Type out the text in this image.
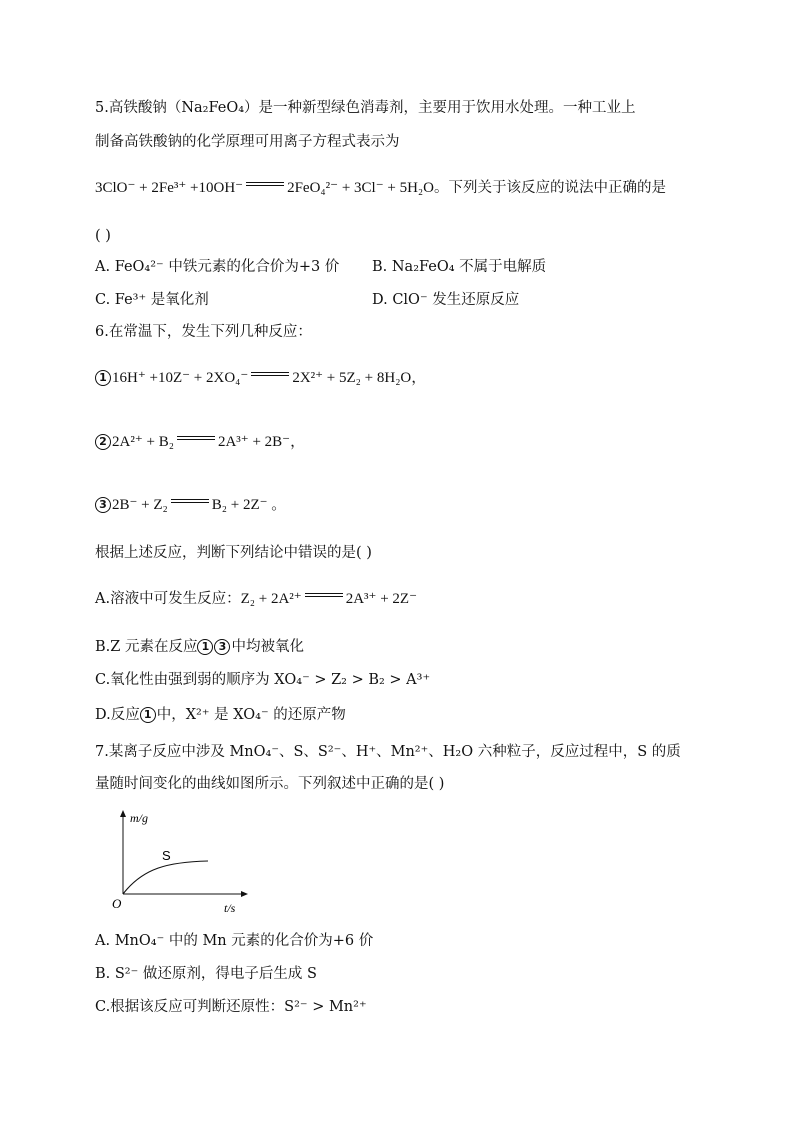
5.高铁酸钠（Na₂FeO₄）是一种新型绿色消毒剂，主要用于饮用水处理。一种工业上
制备高铁酸钠的化学原理可用离子方程式表示为
3ClO⁻ + 2Fe³⁺ +10OH⁻	2FeO₄²⁻ + 3Cl⁻ + 5H₂O。下列关于该反应的说法中正确的是
( )
A. FeO₄²⁻ 中铁元素的化合价为+3 价 B. Na₂FeO₄ 不属于电解质
C. Fe³⁺ 是氧化剂	D. ClO⁻ 发生还原反应
6.在常温下，发生下列几种反应：
1 16H⁺ +10Z⁻ + 2XO₄⁻	2X²⁺ + 5Z₂ + 8H₂O，
2 2A²⁺ + B₂	2A³⁺ + 2B⁻，
3 2B⁻ + Z₂	B₂ + 2Z⁻ 。
根据上述反应，判断下列结论中错误的是( )
A.溶液中可发生反应：Z₂ + 2A²⁺	2A³⁺ + 2Z⁻
B.Z 元素在反应 1 3 中均被氧化
C.氧化性由强到弱的顺序为 XO₄⁻ > Z₂ > B₂ > A³⁺
D.反应 1 中，X²⁺ 是 XO₄⁻ 的还原产物
7.某离子反应中涉及 MnO₄⁻、S、S²⁻、H⁺、Mn²⁺、H₂O 六种粒子，反应过程中，S 的质
量随时间变化的曲线如图所示。下列叙述中正确的是( )
m/g
t/s
O
S
A. MnO₄⁻ 中的 Mn 元素的化合价为+6 价
B. S²⁻ 做还原剂，得电子后生成 S
C.根据该反应可判断还原性：S²⁻ > Mn²⁺
